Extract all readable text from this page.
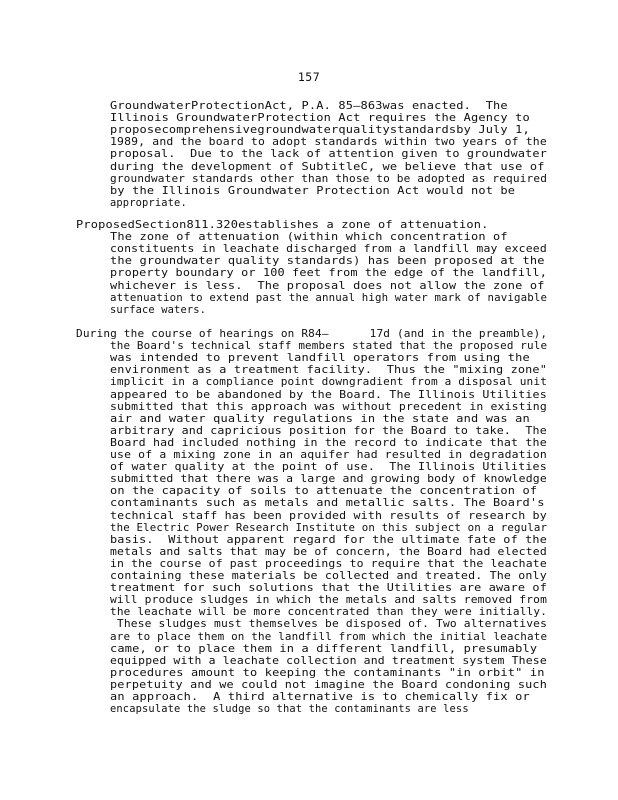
157
GroundwaterProtectionAct, P.A. 85–863was enacted.  The
Illinois GroundwaterProtection Act requires the Agency to
proposecomprehensivegroundwaterqualitystandardsby July 1,
1989, and the board to adopt standards within two years of the
proposal.  Due to the lack of attention given to groundwater
during the development of SubtitleC, we believe that use of
groundwater standards other than those to be adopted as required
by the Illinois Groundwater Protection Act would not be
appropriate.
ProposedSection811.320establishes a zone of attenuation.
The zone of attenuation (within which concentration of
constituents in leachate discharged from a landfill may exceed
the groundwater quality standards) has been proposed at the
property boundary or 100 feet from the edge of the landfill,
whichever is less.  The proposal does not allow the zone of
attenuation to extend past the annual high water mark of navigable
surface waters.
During the course of hearings on R84–      17d (and in the preamble),
the Board's technical staff members stated that the proposed rule
was intended to prevent landfill operators from using the
environment as a treatment facility.  Thus the "mixing zone"
implicit in a compliance point downgradient from a disposal unit
appeared to be abandoned by the Board. The Illinois Utilities
submitted that this approach was without precedent in existing
air and water quality regulations in the state and was an
arbitrary and capricious position for the Board to take.  The
Board had included nothing in the record to indicate that the
use of a mixing zone in an aquifer had resulted in degradation
of water quality at the point of use.  The Illinois Utilities
submitted that there was a large and growing body of knowledge
on the capacity of soils to attenuate the concentration of
contaminants such as metals and metallic salts. The Board's
technical staff has been provided with results of research by
the Electric Power Research Institute on this subject on a regular
basis.  Without apparent regard for the ultimate fate of the
metals and salts that may be of concern, the Board had elected
in the course of past proceedings to require that the leachate
containing these materials be collected and treated. The only
treatment for such solutions that the Utilities are aware of
will produce sludges in which the metals and salts removed from
the leachate will be more concentrated than they were initially.
These sludges must themselves be disposed of. Two alternatives
are to place them on the landfill from which the initial leachate
came, or to place them in a different landfill, presumably
equipped with a leachate collection and treatment system These
procedures amount to keeping the contaminants "in orbit" in
perpetuity and we could not imagine the Board condoning such
an approach.  A third alternative is to chemically fix or
encapsulate the sludge so that the contaminants are less
